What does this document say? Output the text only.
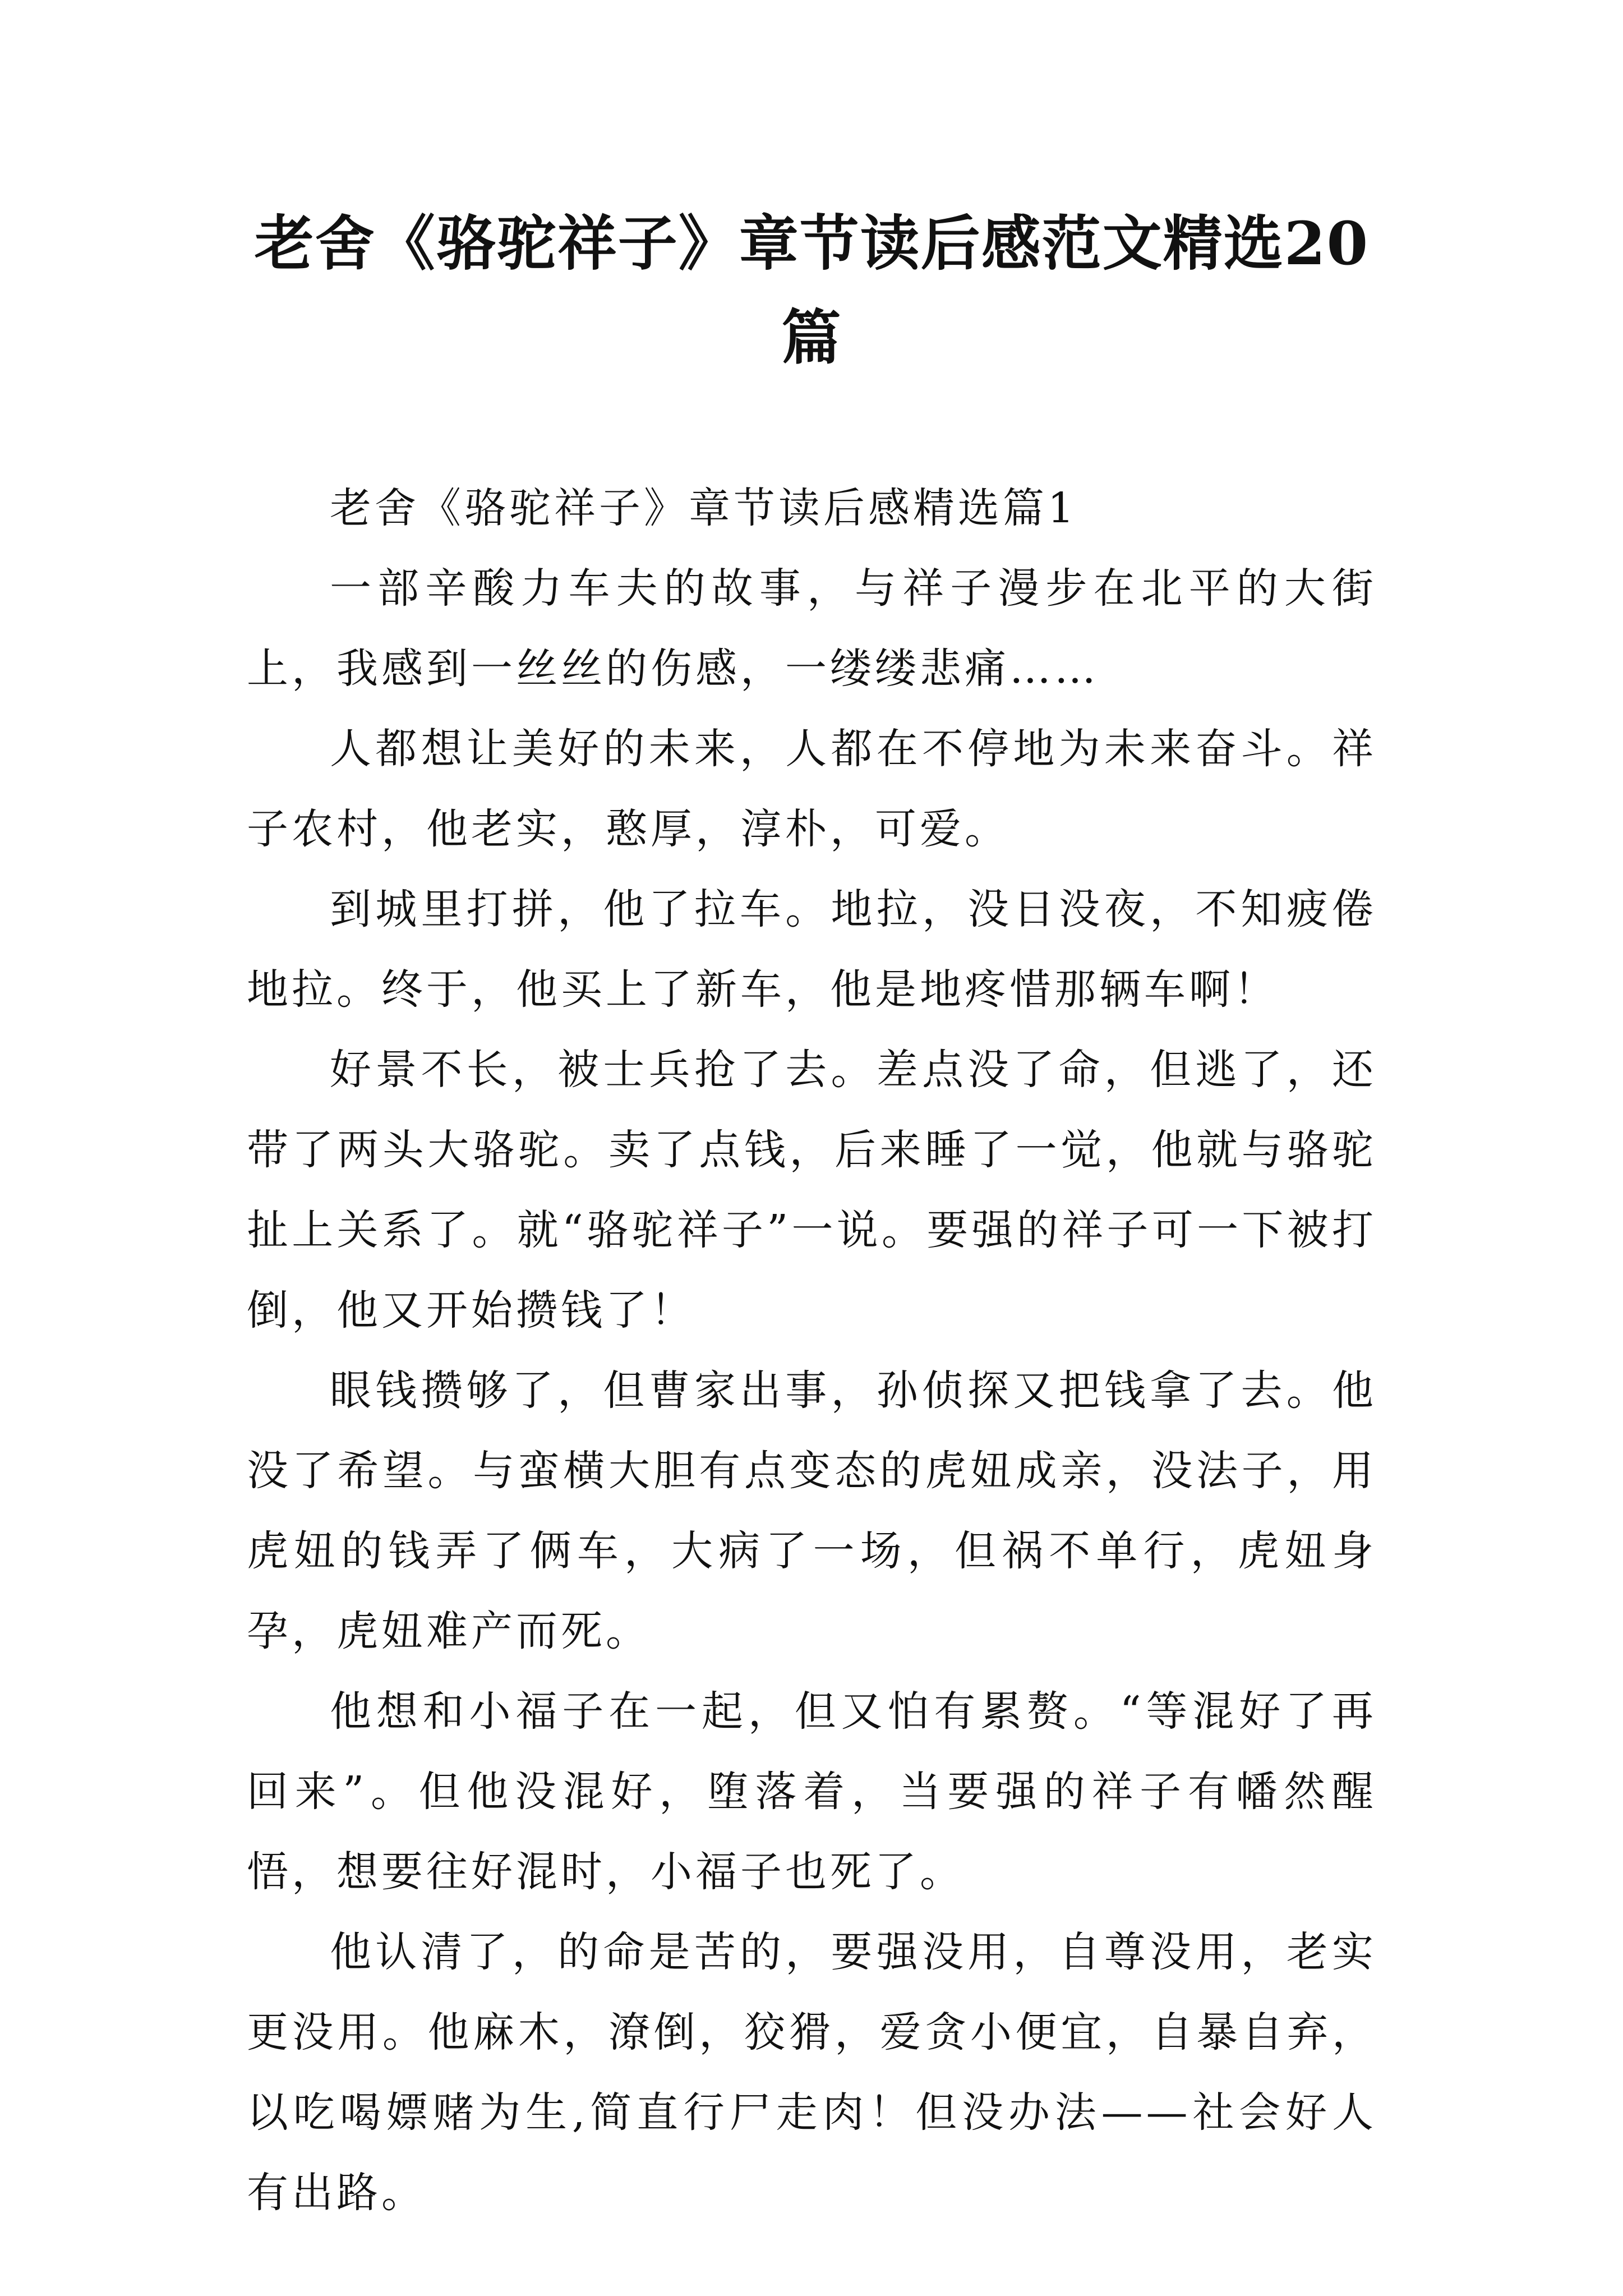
老舍《骆驼祥子》章节读后感范文精选20篇

老舍《骆驼祥子》章节读后感精选篇1

一部辛酸力车夫的故事，与祥子漫步在北平的大街上，我感到一丝丝的伤感，一缕缕悲痛……

人都想让美好的未来，人都在不停地为未来奋斗。祥子农村，他老实，憨厚，淳朴，可爱。

到城里打拼，他了拉车。地拉，没日没夜，不知疲倦地拉。终于，他买上了新车，他是地疼惜那辆车啊！

好景不长，被士兵抢了去。差点没了命，但逃了，还带了两头大骆驼。卖了点钱，后来睡了一觉，他就与骆驼扯上关系了。就“骆驼祥子”一说。要强的祥子可一下被打倒，他又开始攒钱了！

眼钱攒够了，但曹家出事，孙侦探又把钱拿了去。他没了希望。与蛮横大胆有点变态的虎妞成亲，没法子，用虎妞的钱弄了俩车，大病了一场，但祸不单行，虎妞身孕，虎妞难产而死。

他想和小福子在一起，但又怕有累赘。“等混好了再回来”。但他没混好，堕落着，当要强的祥子有幡然醒悟，想要往好混时，小福子也死了。

他认清了，的命是苦的，要强没用，自尊没用，老实更没用。他麻木，潦倒，狡猾，爱贪小便宜，自暴自弃，以吃喝嫖赌为生,简直行尸走肉！但没办法——社会好人有出路。
